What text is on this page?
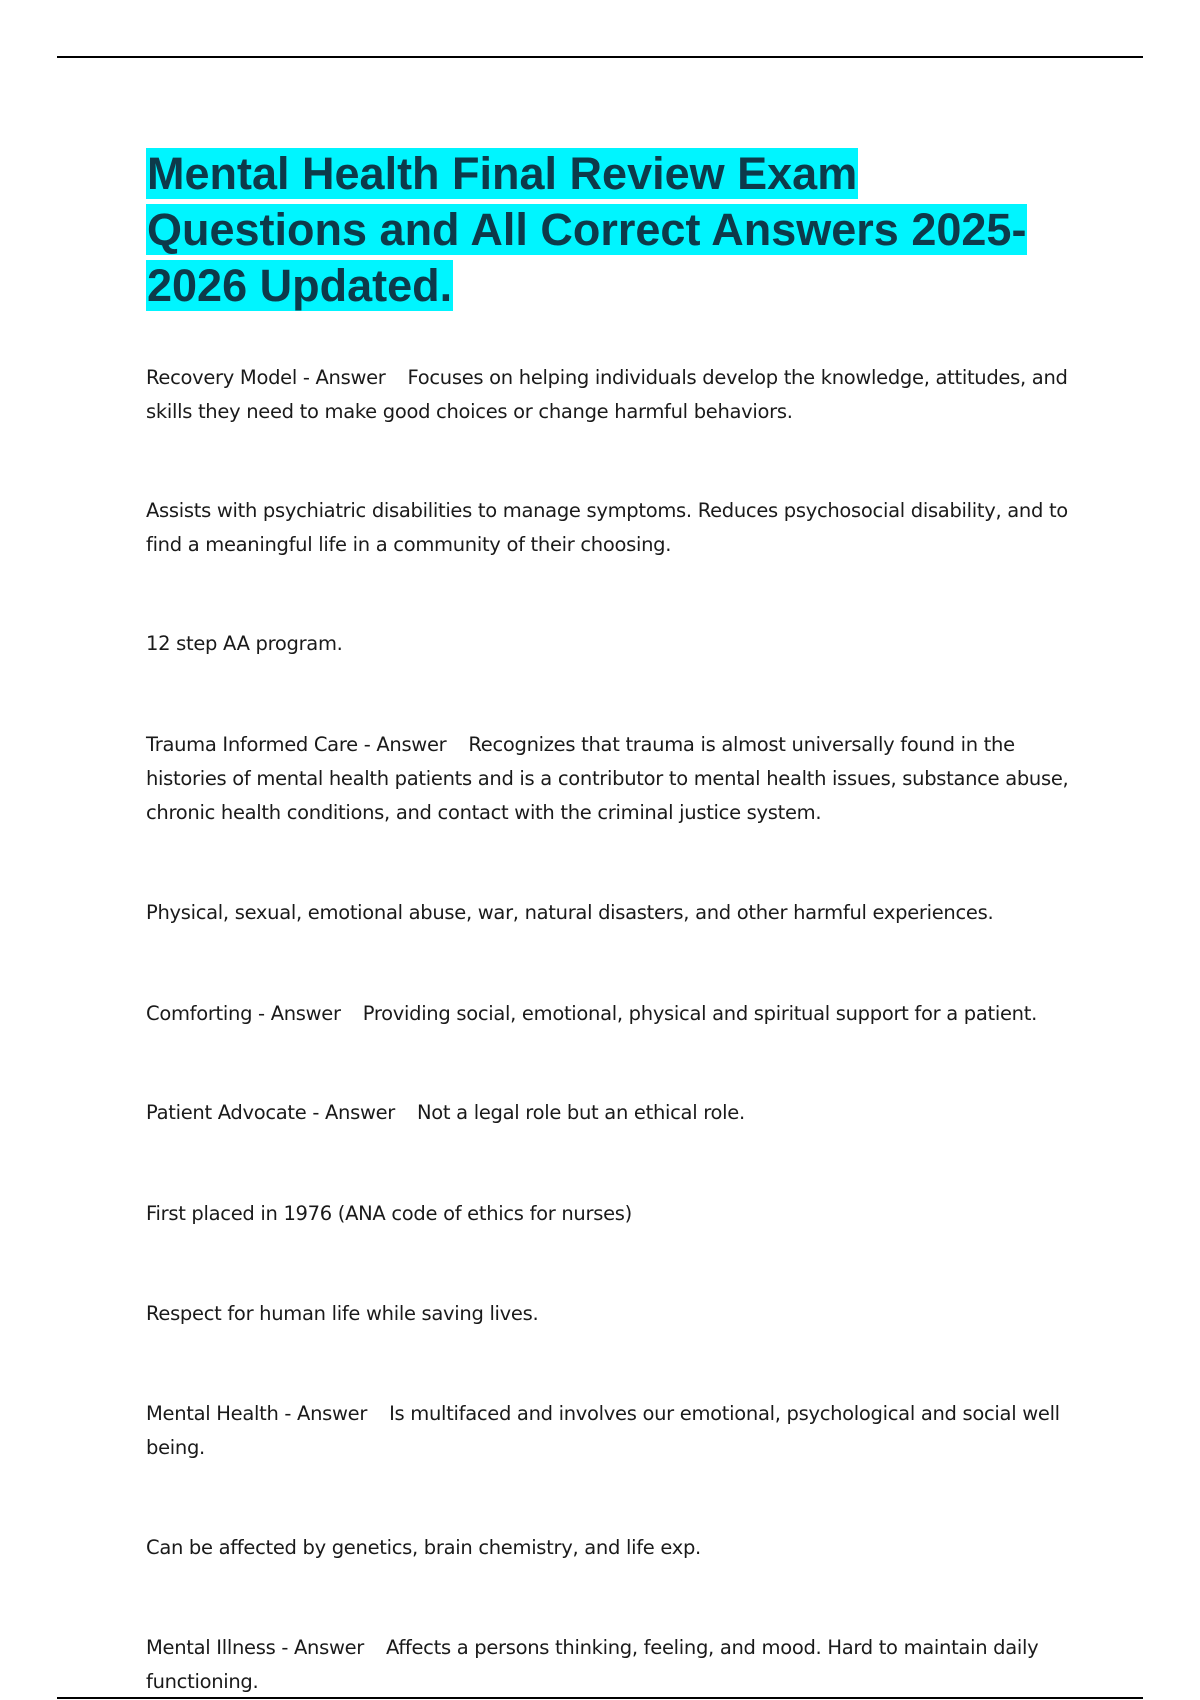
Mental Health Final Review Exam Questions and All Correct Answers 2025-2026 Updated.

Recovery Model - Answer Focuses on helping individuals develop the knowledge, attitudes, and skills they need to make good choices or change harmful behaviors.

Assists with psychiatric disabilities to manage symptoms. Reduces psychosocial disability, and to find a meaningful life in a community of their choosing.

12 step AA program.

Trauma Informed Care - Answer Recognizes that trauma is almost universally found in the histories of mental health patients and is a contributor to mental health issues, substance abuse, chronic health conditions, and contact with the criminal justice system.

Physical, sexual, emotional abuse, war, natural disasters, and other harmful experiences.

Comforting - Answer Providing social, emotional, physical and spiritual support for a patient.

Patient Advocate - Answer Not a legal role but an ethical role.

First placed in 1976 (ANA code of ethics for nurses)

Respect for human life while saving lives.

Mental Health - Answer Is multifaced and involves our emotional, psychological and social well being.

Can be affected by genetics, brain chemistry, and life exp.

Mental Illness - Answer Affects a persons thinking, feeling, and mood. Hard to maintain daily functioning.
